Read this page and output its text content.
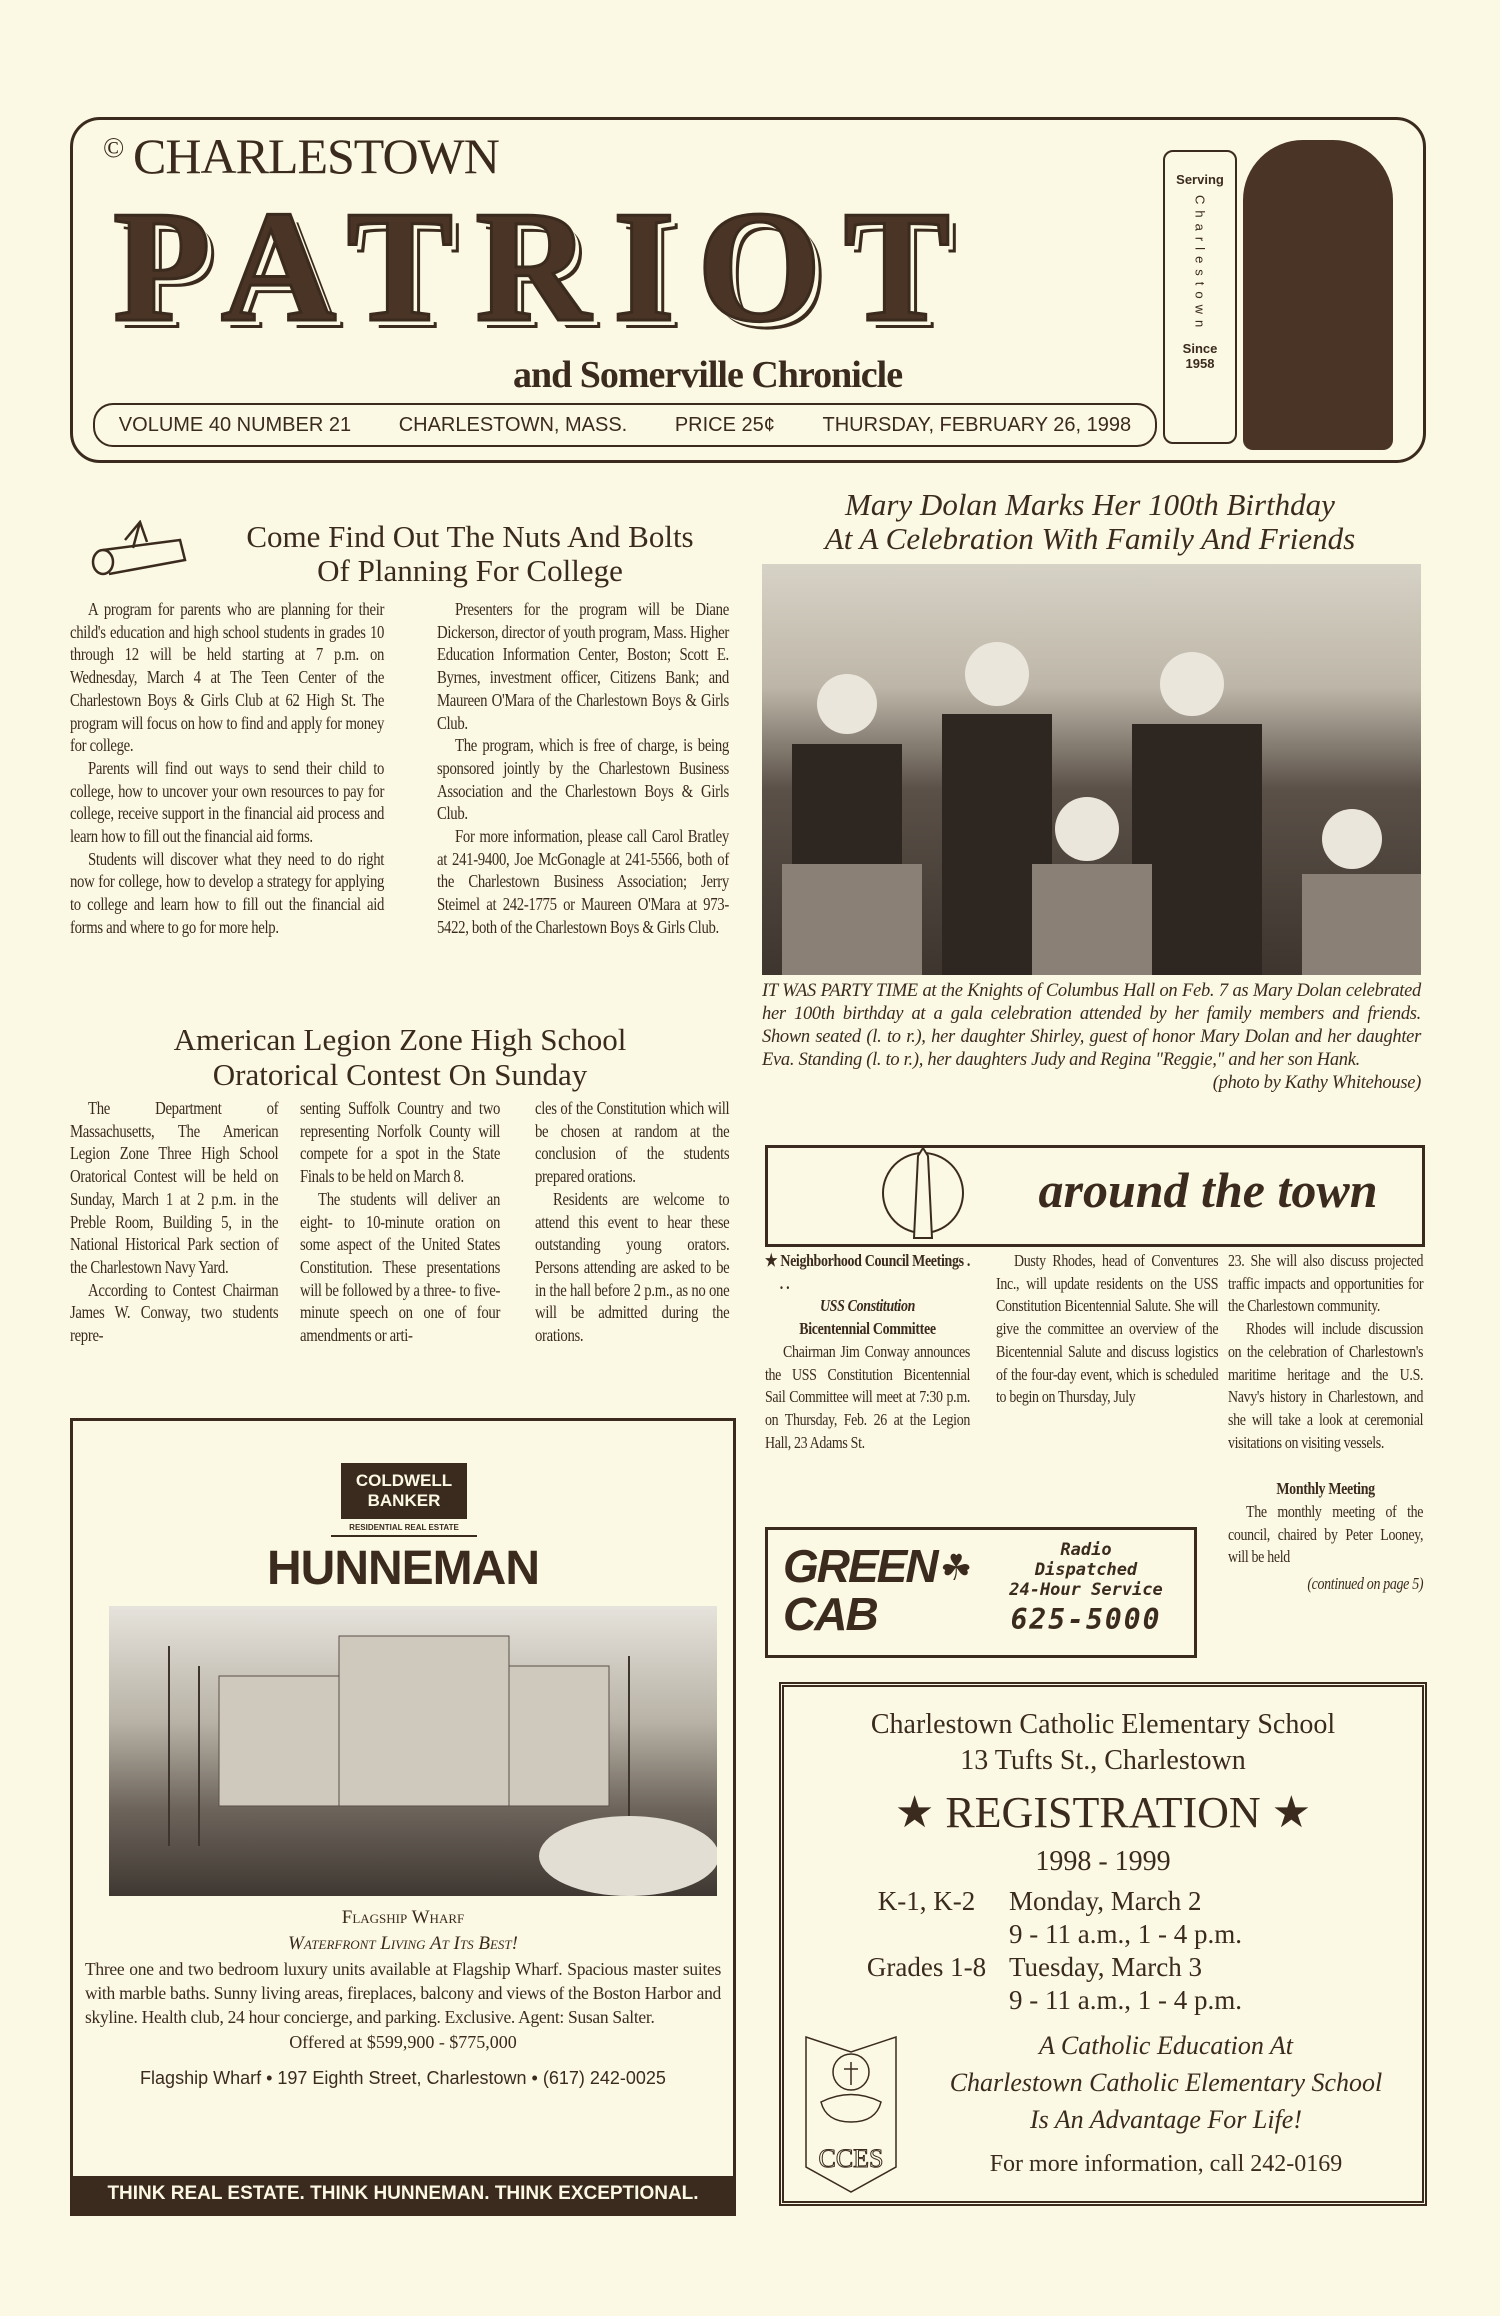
© CHARLESTOWN
PATRIOT
and Somerville Chronicle
VOLUME 40 NUMBER 21 CHARLESTOWN, MASS. PRICE 25¢ THURSDAY, FEBRUARY 26, 1998
Serving
Charlestown
Since 1958
Come Find Out The Nuts And Bolts
Of Planning For College

A program for parents who are planning for their child's education and high school students in grades 10 through 12 will be held starting at 7 p.m. on Wednesday, March 4 at The Teen Center of the Charlestown Boys & Girls Club at 62 High St. The program will focus on how to find and apply for money for college.

Parents will find out ways to send their child to college, how to uncover your own resources to pay for college, receive support in the financial aid process and learn how to fill out the financial aid forms.

Students will discover what they need to do right now for college, how to develop a strategy for applying to college and learn how to fill out the financial aid forms and where to go for more help.

Presenters for the program will be Diane Dickerson, director of youth program, Mass. Higher Education Information Center, Boston; Scott E. Byrnes, investment officer, Citizens Bank; and Maureen O'Mara of the Charlestown Boys & Girls Club.

The program, which is free of charge, is being sponsored jointly by the Charlestown Business Association and the Charlestown Boys & Girls Club.

For more information, please call Carol Bratley at 241-9400, Joe McGonagle at 241-5566, both of the Charlestown Business Association; Jerry Steimel at 242-1775 or Maureen O'Mara at 973-5422, both of the Charlestown Boys & Girls Club.

Mary Dolan Marks Her 100th Birthday
At A Celebration With Family And Friends
IT WAS PARTY TIME at the Knights of Columbus Hall on Feb. 7 as Mary Dolan celebrated her 100th birthday at a gala celebration attended by her family members and friends. Shown seated (l. to r.), her daughter Shirley, guest of honor Mary Dolan and her daughter Eva. Standing (l. to r.), her daughters Judy and Regina "Reggie," and her son Hank.
(photo by Kathy Whitehouse)
American Legion Zone High School
Oratorical Contest On Sunday

The Department of Massachusetts, The American Legion Zone Three High School Oratorical Contest will be held on Sunday, March 1 at 2 p.m. in the Preble Room, Building 5, in the National Historical Park section of the Charlestown Navy Yard.

According to Contest Chairman James W. Conway, two students repre-

senting Suffolk Country and two representing Norfolk County will compete for a spot in the State Finals to be held on March 8.

The students will deliver an eight- to 10-minute oration on some aspect of the United States Constitution. These presentations will be followed by a three- to five-minute speech on one of four amendments or arti-

cles of the Constitution which will be chosen at random at the conclusion of the students prepared orations.

Residents are welcome to attend this event to hear these outstanding young orators. Persons attending are asked to be in the hall before 2 p.m., as no one will be admitted during the orations.

around the town

★ Neighborhood Council Meetings . . .

USS Constitution

Bicentennial Committee

Chairman Jim Conway announces the USS Constitution Bicentennial Sail Committee will meet at 7:30 p.m. on Thursday, Feb. 26 at the Legion Hall, 23 Adams St.

Dusty Rhodes, head of Conventures Inc., will update residents on the USS Constitution Bicentennial Salute. She will give the committee an overview of the Bicentennial Salute and discuss logistics of the four-day event, which is scheduled to begin on Thursday, July

23. She will also discuss projected traffic impacts and opportunities for the Charlestown community.

Rhodes will include discussion on the celebration of Charlestown's maritime heritage and the U.S. Navy's history in Charlestown, and she will take a look at ceremonial visitations on visiting vessels.

Monthly Meeting

The monthly meeting of the council, chaired by Peter Looney, will be held

(continued on page 5)

GREEN
CAB
☘	Radio
Dispatched
24-Hour Service
625-5000
COLDWELL
BANKER
RESIDENTIAL REAL ESTATE
HUNNEMAN
Flagship Wharf
Waterfront Living At Its Best!
Three one and two bedroom luxury units available at Flagship Wharf. Spacious master suites with marble baths. Sunny living areas, fireplaces, balcony and views of the Boston Harbor and skyline. Health club, 24 hour concierge, and parking. Exclusive. Agent: Susan Salter.
Offered at $599,900 - $775,000
Flagship Wharf • 197 Eighth Street, Charlestown • (617) 242-0025
THINK REAL ESTATE. THINK HUNNEMAN. THINK EXCEPTIONAL.
Charlestown Catholic Elementary School
13 Tufts St., Charlestown
★ REGISTRATION ★
1998 - 1999
K-1, K-2	Monday, March 2
9 - 11 a.m., 1 - 4 p.m.
Grades 1-8 Tuesday, March 3
9 - 11 a.m., 1 - 4 p.m.
CCES
A Catholic Education At
Charlestown Catholic Elementary School
Is An Advantage For Life!
For more information, call 242-0169
